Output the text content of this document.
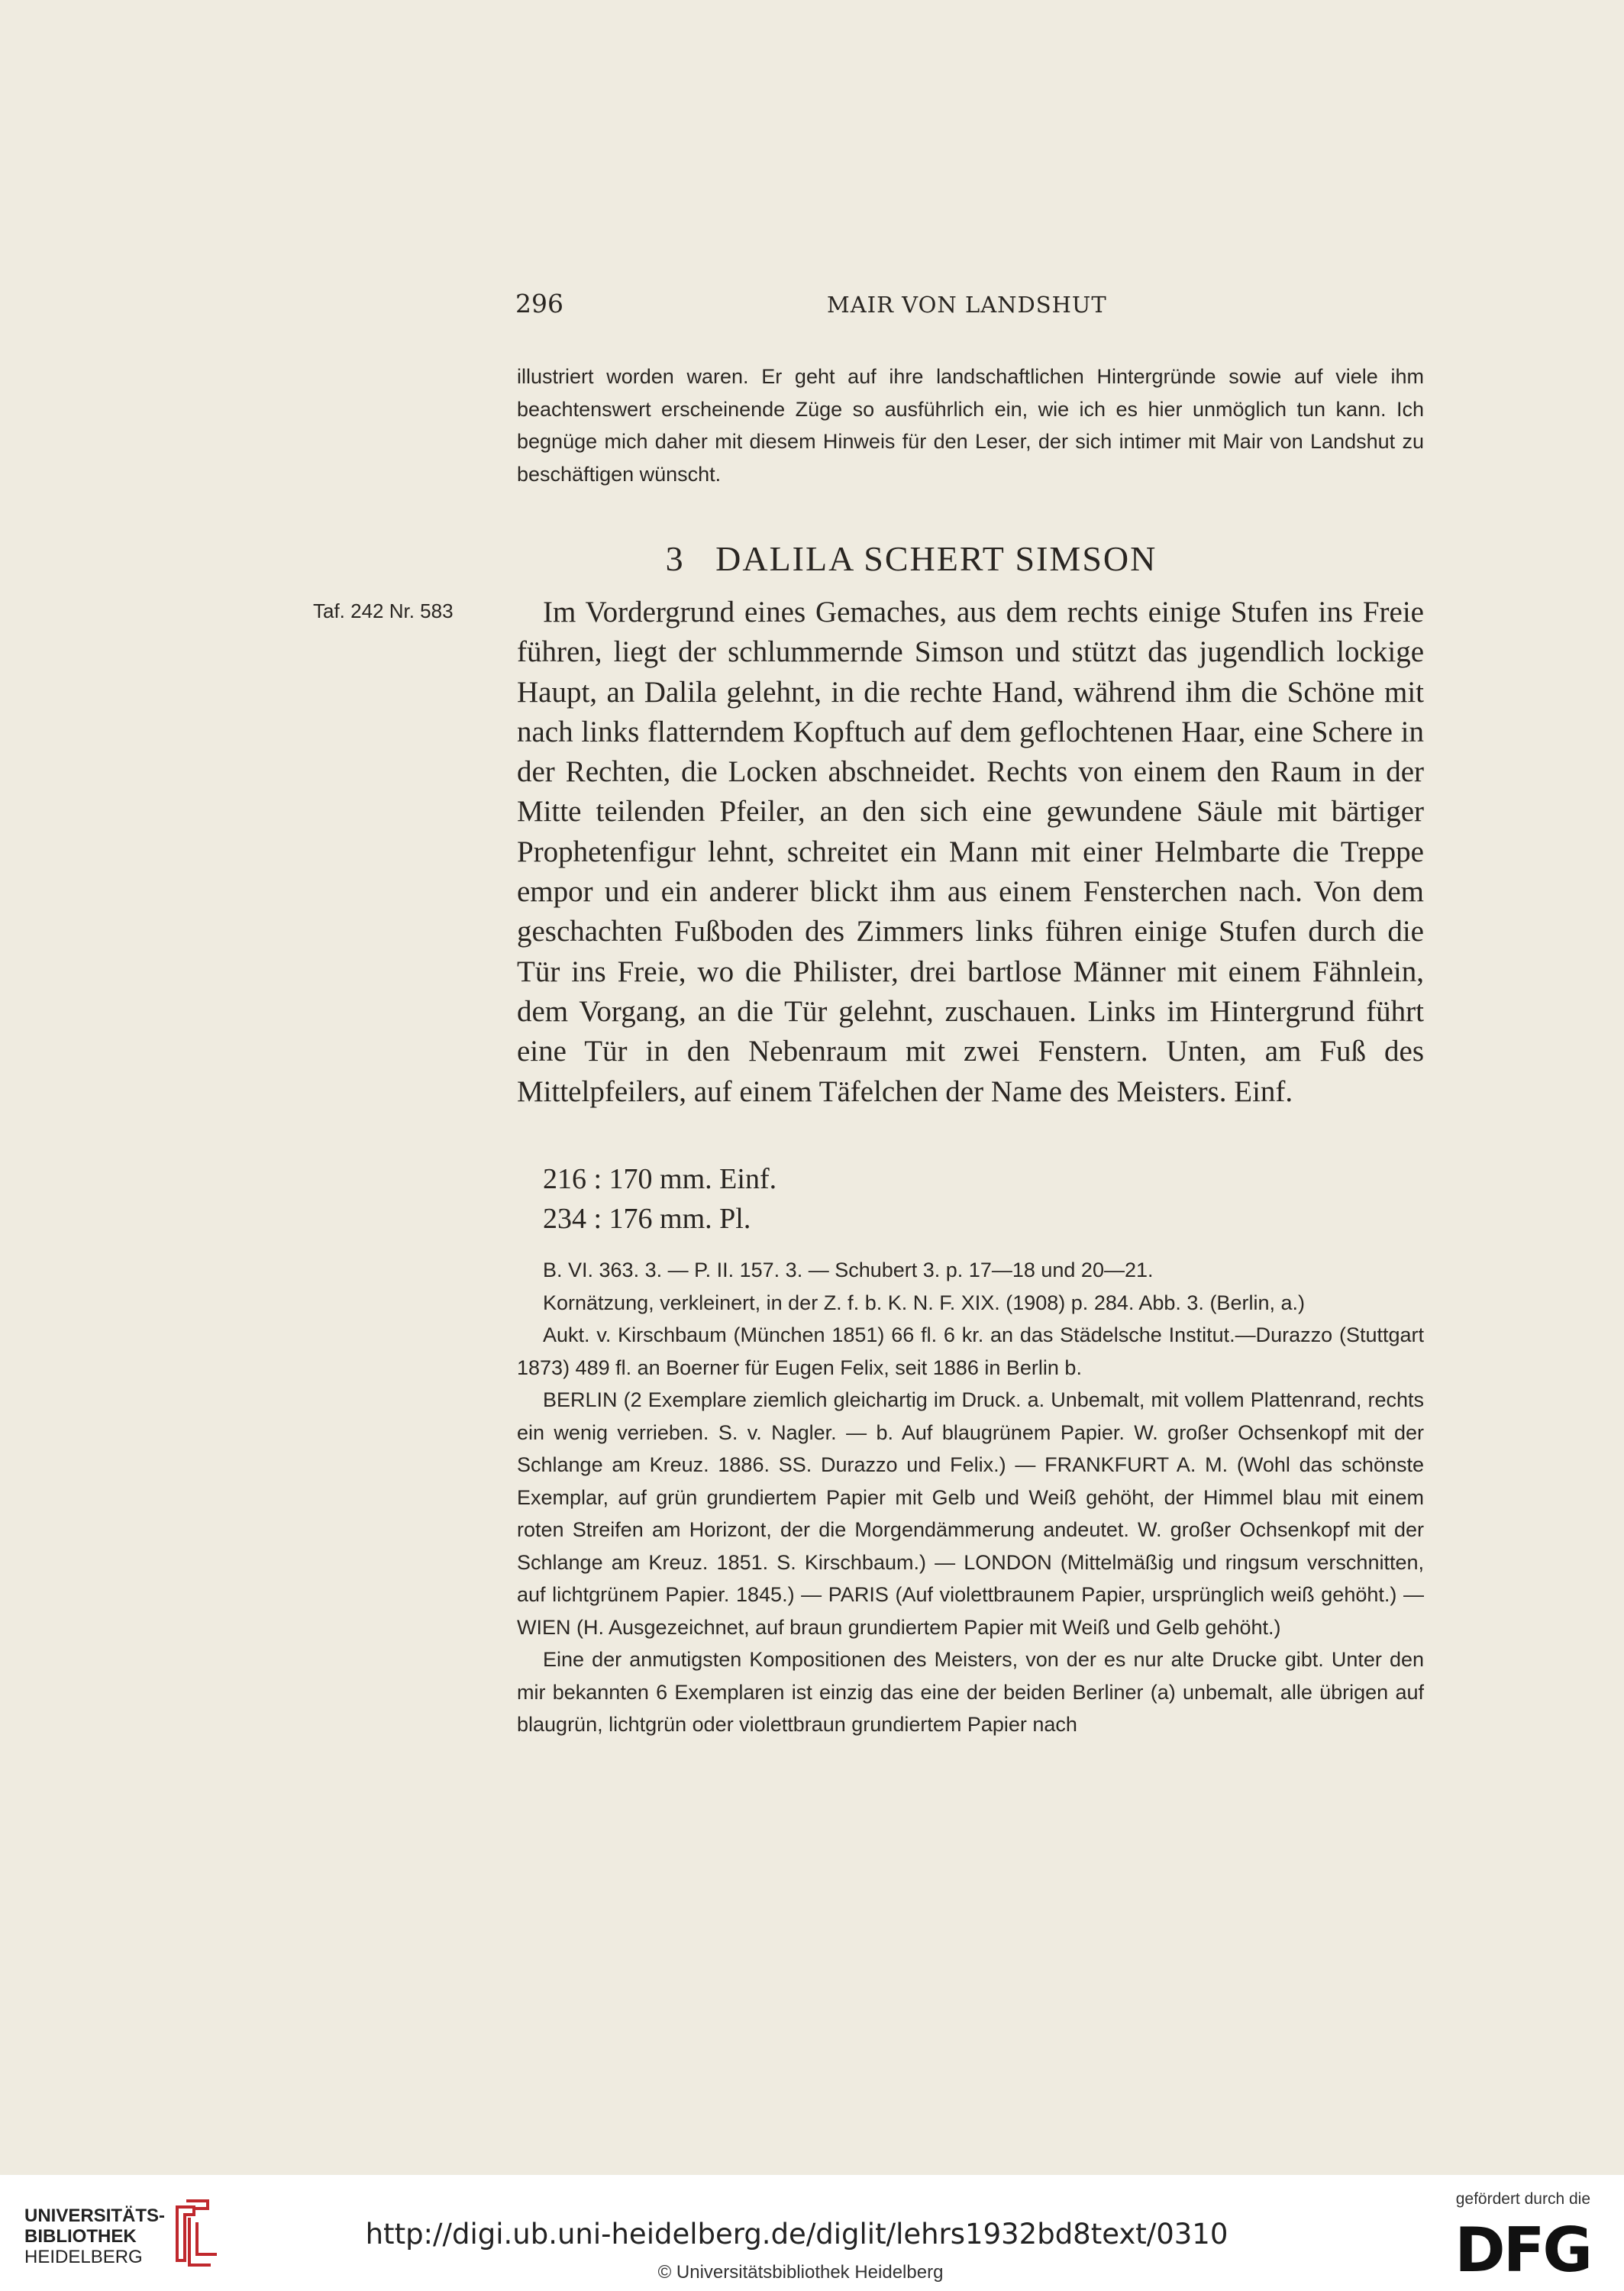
296	MAIR VON LANDSHUT
illustriert worden waren. Er geht auf ihre landschaftlichen Hintergründe sowie auf viele ihm beachtenswert erscheinende Züge so ausführlich ein, wie ich es hier unmöglich tun kann. Ich begnüge mich daher mit diesem Hinweis für den Leser, der sich intimer mit Mair von Landshut zu beschäftigen wünscht.
3   DALILA SCHERT SIMSON
Taf. 242 Nr. 583	Im Vordergrund eines Gemaches, aus dem rechts einige Stufen ins Freie führen, liegt der schlummernde Simson und stützt das jugendlich lockige Haupt, an Dalila gelehnt, in die rechte Hand, während ihm die Schöne mit nach links flatterndem Kopftuch auf dem geflochtenen Haar, eine Schere in der Rechten, die Locken abschneidet. Rechts von einem den Raum in der Mitte teilenden Pfeiler, an den sich eine gewundene Säule mit bärtiger Prophetenfigur lehnt, schreitet ein Mann mit einer Helmbarte die Treppe empor und ein anderer blickt ihm aus einem Fensterchen nach. Von dem geschachten Fußboden des Zimmers links führen einige Stufen durch die Tür ins Freie, wo die Philister, drei bartlose Männer mit einem Fähnlein, dem Vorgang, an die Tür gelehnt, zuschauen. Links im Hintergrund führt eine Tür in den Nebenraum mit zwei Fenstern. Unten, am Fuß des Mittelpfeilers, auf einem Täfelchen der Name des Meisters. Einf.

216 : 170 mm. Einf.
234 : 176 mm. Pl.

B. VI. 363. 3. — P. II. 157. 3. — Schubert 3. p. 17—18 und 20—21.

Kornätzung, verkleinert, in der Z. f. b. K. N. F. XIX. (1908) p. 284. Abb. 3. (Berlin, a.)

Aukt. v. Kirschbaum (München 1851) 66 fl. 6 kr. an das Städelsche Institut.—Durazzo (Stuttgart 1873) 489 fl. an Boerner für Eugen Felix, seit 1886 in Berlin b.

BERLIN (2 Exemplare ziemlich gleichartig im Druck. a. Unbemalt, mit vollem Plattenrand, rechts ein wenig verrieben. S. v. Nagler. — b. Auf blaugrünem Papier. W. großer Ochsenkopf mit der Schlange am Kreuz. 1886. SS. Durazzo und Felix.) — FRANKFURT A. M. (Wohl das schönste Exemplar, auf grün grundiertem Papier mit Gelb und Weiß gehöht, der Himmel blau mit einem roten Streifen am Horizont, der die Morgendämmerung andeutet. W. großer Ochsenkopf mit der Schlange am Kreuz. 1851. S. Kirschbaum.) — LONDON (Mittelmäßig und ringsum verschnitten, auf lichtgrünem Papier. 1845.) — PARIS (Auf violettbraunem Papier, ursprünglich weiß gehöht.) — WIEN (H. Ausgezeichnet, auf braun grundiertem Papier mit Weiß und Gelb gehöht.)

Eine der anmutigsten Kompositionen des Meisters, von der es nur alte Drucke gibt. Unter den mir bekannten 6 Exemplaren ist einzig das eine der beiden Berliner (a) unbemalt, alle übrigen auf blaugrün, lichtgrün oder violettbraun grundiertem Papier nach

UNIVERSITÄTS-
BIBLIOTHEK
HEIDELBERG
http://digi.ub.uni-heidelberg.de/diglit/lehrs1932bd8text/0310
© Universitätsbibliothek Heidelberg
gefördert durch die
DFG
